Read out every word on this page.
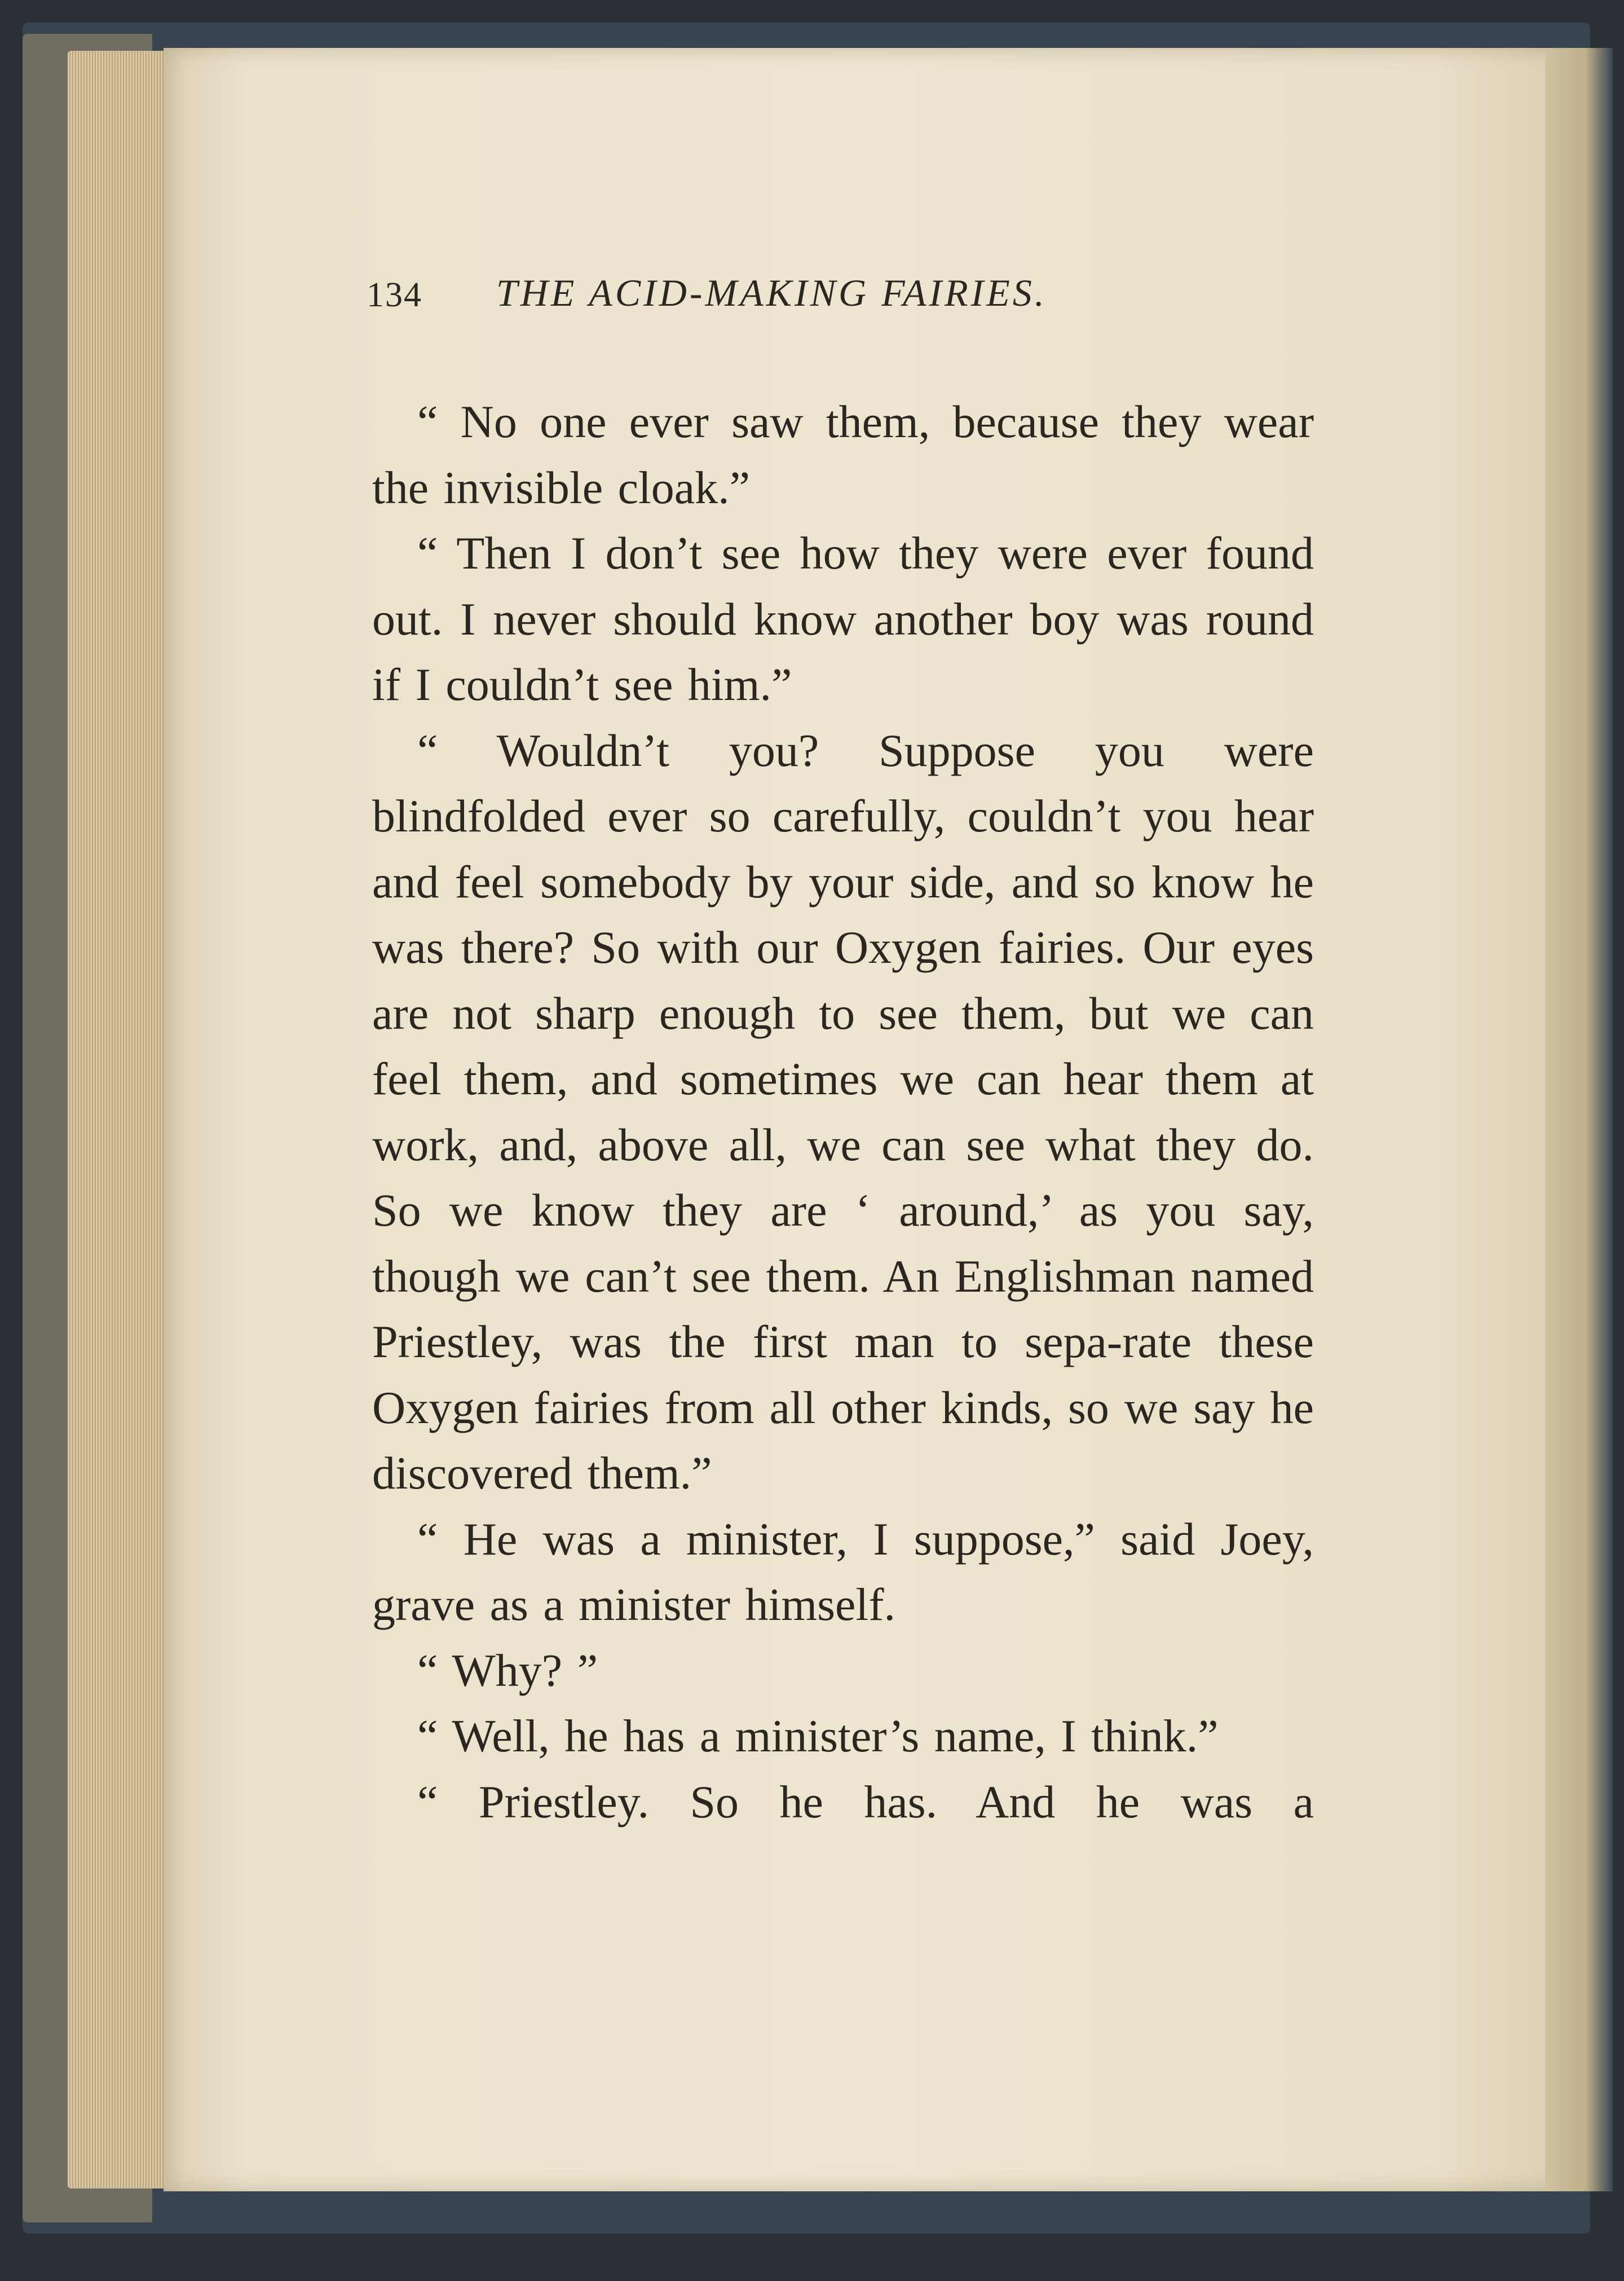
134 THE ACID-MAKING FAIRIES.

“ No one ever saw them, because they wear the invisible cloak.”

“ Then I don’t see how they were ever found out. I never should know another boy was round if I couldn’t see him.”

“ Wouldn’t you? Suppose you were blindfolded ever so carefully, couldn’t you hear and feel somebody by your side, and so know he was there? So with our Oxygen fairies. Our eyes are not sharp enough to see them, but we can feel them, and sometimes we can hear them at work, and, above all, we can see what they do. So we know they are ‘ around,’ as you say, though we can’t see them. An Englishman named Priestley, was the first man to sepa-rate these Oxygen fairies from all other kinds, so we say he discovered them.”

“ He was a minister, I suppose,” said Joey, grave as a minister himself.

“ Why? ”

“ Well, he has a minister’s name, I think.”

“ Priestley. So he has. And he was a
